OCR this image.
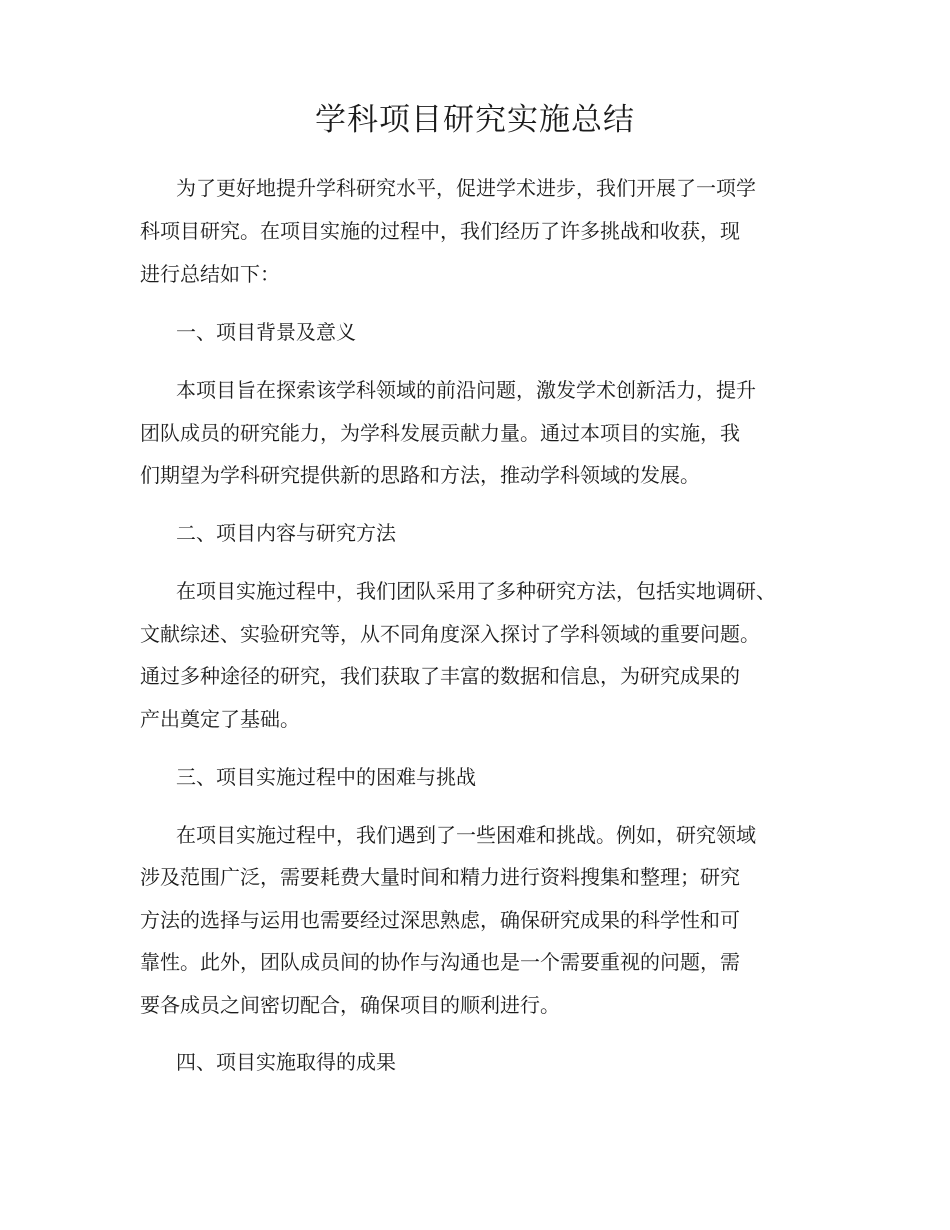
学科项目研究实施总结

为了更好地提升学科研究水平，促进学术进步，我们开展了一项学

科项目研究。在项目实施的过程中，我们经历了许多挑战和收获，现

进行总结如下：

一、项目背景及意义

本项目旨在探索该学科领域的前沿问题，激发学术创新活力，提升

团队成员的研究能力，为学科发展贡献力量。通过本项目的实施，我

们期望为学科研究提供新的思路和方法，推动学科领域的发展。

二、项目内容与研究方法

在项目实施过程中，我们团队采用了多种研究方法，包括实地调研、

文献综述、实验研究等，从不同角度深入探讨了学科领域的重要问题。

通过多种途径的研究，我们获取了丰富的数据和信息，为研究成果的

产出奠定了基础。

三、项目实施过程中的困难与挑战

在项目实施过程中，我们遇到了一些困难和挑战。例如，研究领域

涉及范围广泛，需要耗费大量时间和精力进行资料搜集和整理；研究

方法的选择与运用也需要经过深思熟虑，确保研究成果的科学性和可

靠性。此外，团队成员间的协作与沟通也是一个需要重视的问题，需

要各成员之间密切配合，确保项目的顺利进行。

四、项目实施取得的成果
